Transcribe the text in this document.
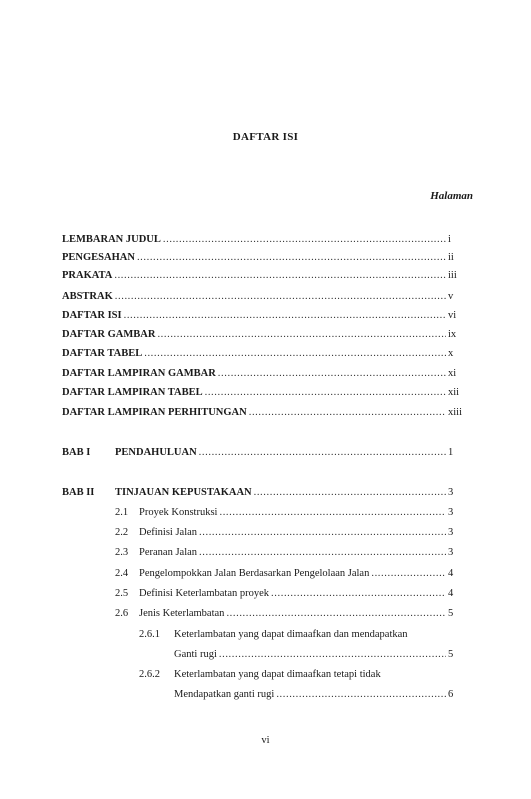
DAFTAR ISI
Halaman
LEMBARAN JUDUL .....	i
PENGESAHAN .....	ii
PRAKATA .....	iii
ABSTRAK .....	v
DAFTAR ISI .....	vi
DAFTAR GAMBAR .....	ix
DAFTAR TABEL .....	x
DAFTAR LAMPIRAN GAMBAR .....	xi
DAFTAR LAMPIRAN TABEL .....	xii
DAFTAR LAMPIRAN PERHITUNGAN .....	xiii
BAB I PENDAHULUAN .....	1
BAB II TINJAUAN KEPUSTAKAAN .....	3
2.1 Proyek Konstruksi .....	3
2.2 Definisi Jalan .....	3
2.3 Peranan Jalan .....	3
2.4 Pengelompokkan Jalan Berdasarkan Pengelolaan Jalan .....	4
2.5 Definisi Keterlambatan proyek .....	4
2.6 Jenis Keterlambatan .....	5
2.6.1 Keterlambatan yang dapat dimaafkan dan mendapatkan
Ganti rugi .....	5
2.6.2 Keterlambatan yang dapat dimaafkan tetapi tidak
Mendapatkan ganti rugi .....	6
vi
